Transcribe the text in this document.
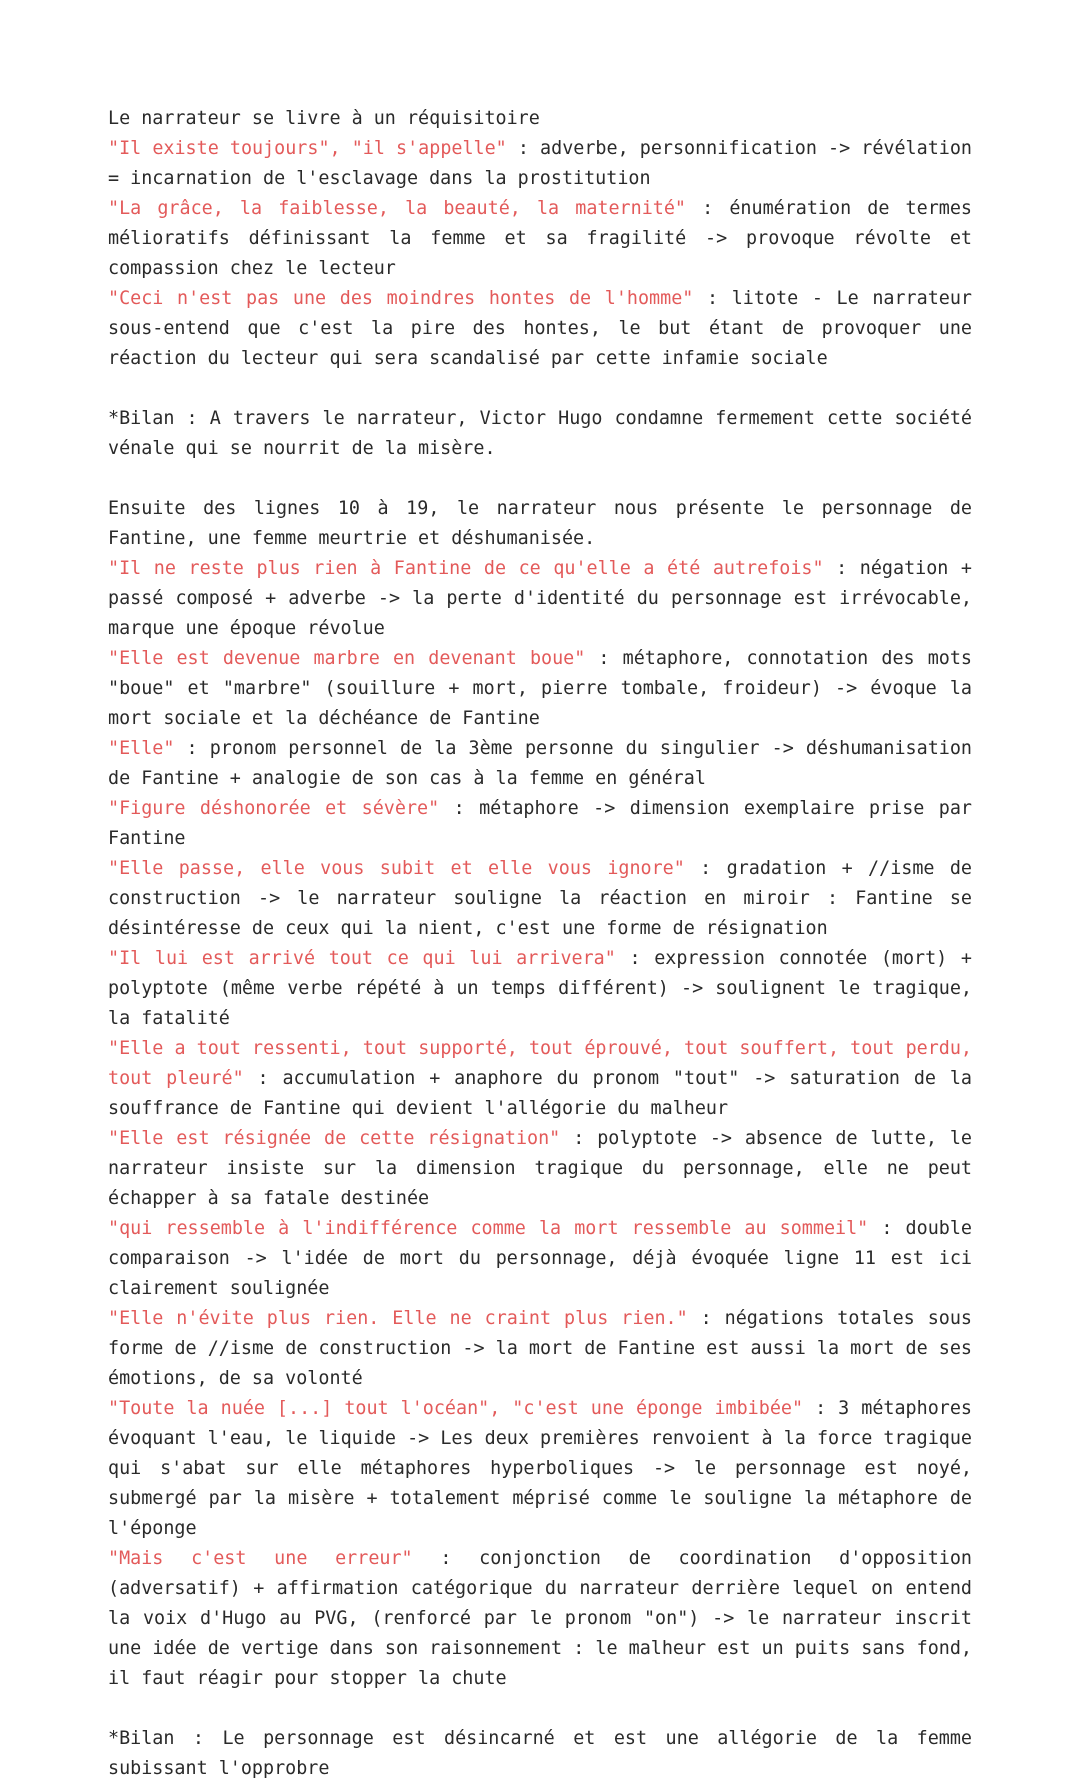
Le narrateur se livre à un réquisitoire

"Il existe toujours", "il s'appelle" : adverbe, personnification -> révélation = incarnation de l'esclavage dans la prostitution

"La grâce, la faiblesse, la beauté, la maternité" : énumération de termes mélioratifs définissant la femme et sa fragilité -> provoque révolte et compassion chez le lecteur

"Ceci n'est pas une des moindres hontes de l'homme" : litote - Le narrateur sous-entend que c'est la pire des hontes, le but étant de provoquer une réaction du lecteur qui sera scandalisé par cette infamie sociale

*Bilan : A travers le narrateur, Victor Hugo condamne fermement cette société vénale qui se nourrit de la misère.

Ensuite des lignes 10 à 19, le narrateur nous présente le personnage de Fantine, une femme meurtrie et déshumanisée.

"Il ne reste plus rien à Fantine de ce qu'elle a été autrefois" : négation + passé composé + adverbe -> la perte d'identité du personnage est irrévocable, marque une époque révolue

"Elle est devenue marbre en devenant boue" : métaphore, connotation des mots "boue" et "marbre" (souillure + mort, pierre tombale, froideur) -> évoque la mort sociale et la déchéance de Fantine

"Elle" : pronom personnel de la 3ème personne du singulier -> déshumanisation de Fantine + analogie de son cas à la femme en général

"Figure déshonorée et sévère" : métaphore -> dimension exemplaire prise par Fantine

"Elle passe, elle vous subit et elle vous ignore" : gradation + //isme de construction -> le narrateur souligne la réaction en miroir : Fantine se désintéresse de ceux qui la nient, c'est une forme de résignation

"Il lui est arrivé tout ce qui lui arrivera" : expression connotée (mort) + polyptote (même verbe répété à un temps différent) -> soulignent le tragique, la fatalité

"Elle a tout ressenti, tout supporté, tout éprouvé, tout souffert, tout perdu, tout pleuré" : accumulation + anaphore du pronom "tout" -> saturation de la souffrance de Fantine qui devient l'allégorie du malheur

"Elle est résignée de cette résignation" : polyptote -> absence de lutte, le narrateur insiste sur la dimension tragique du personnage, elle ne peut échapper à sa fatale destinée

"qui ressemble à l'indifférence comme la mort ressemble au sommeil" : double comparaison -> l'idée de mort du personnage, déjà évoquée ligne 11 est ici clairement soulignée

"Elle n'évite plus rien. Elle ne craint plus rien." : négations totales sous forme de //isme de construction -> la mort de Fantine est aussi la mort de ses émotions, de sa volonté

"Toute la nuée [...] tout l'océan", "c'est une éponge imbibée" : 3 métaphores évoquant l'eau, le liquide -> Les deux premières renvoient à la force tragique qui s'abat sur elle métaphores hyperboliques -> le personnage est noyé, submergé par la misère + totalement méprisé comme le souligne la métaphore de l'éponge

"Mais c'est une erreur" : conjonction de coordination d'opposition (adversatif) + affirmation catégorique du narrateur derrière lequel on entend la voix d'Hugo au PVG, (renforcé par le pronom "on") -> le narrateur inscrit une idée de vertige dans son raisonnement : le malheur est un puits sans fond, il faut réagir pour stopper la chute

*Bilan : Le personnage est désincarné et est une allégorie de la femme subissant l'opprobre
